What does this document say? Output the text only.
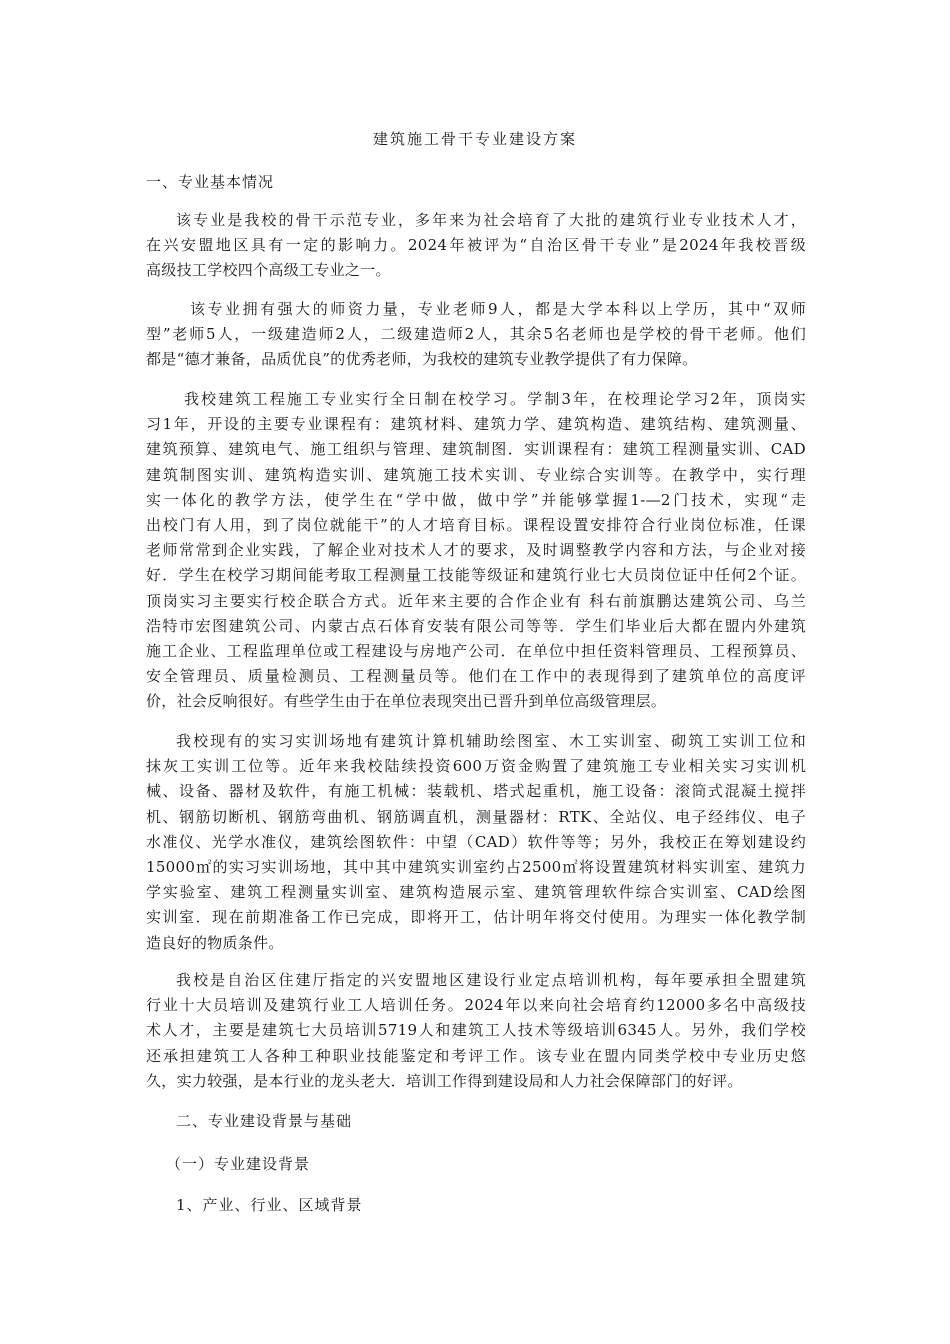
建筑施工骨干专业建设方案
一、专业基本情况
该专业是我校的骨干示范专业，多年来为社会培育了大批的建筑行业专业技术人才，
在兴安盟地区具有一定的影响力。2024年被评为“自治区骨干专业”是2024年我校晋级
高级技工学校四个高级工专业之一。
该专业拥有强大的师资力量，专业老师9人，都是大学本科以上学历，其中“双师
型”老师5人，一级建造师2人，二级建造师2人，其余5名老师也是学校的骨干老师。他们
都是“德才兼备，品质优良”的优秀老师，为我校的建筑专业教学提供了有力保障。
我校建筑工程施工专业实行全日制在校学习。学制3年，在校理论学习2年，顶岗实
习1年，开设的主要专业课程有：建筑材料、建筑力学、建筑构造、建筑结构、建筑测量、
建筑预算、建筑电气、施工组织与管理、建筑制图．实训课程有：建筑工程测量实训、CAD
建筑制图实训、建筑构造实训、建筑施工技术实训、专业综合实训等。在教学中，实行理
实一体化的教学方法，使学生在“学中做，做中学”并能够掌握1-—2门技术，实现“走
出校门有人用，到了岗位就能干”的人才培育目标。课程设置安排符合行业岗位标准，任课
老师常常到企业实践，了解企业对技术人才的要求，及时调整教学内容和方法，与企业对接
好．学生在校学习期间能考取工程测量工技能等级证和建筑行业七大员岗位证中任何2个证。
顶岗实习主要实行校企联合方式。近年来主要的合作企业有 科右前旗鹏达建筑公司、乌兰
浩特市宏图建筑公司、内蒙古点石体育安装有限公司等等．学生们毕业后大都在盟内外建筑
施工企业、工程监理单位或工程建设与房地产公司．在单位中担任资料管理员、工程预算员、
安全管理员、质量检测员、工程测量员等。他们在工作中的表现得到了建筑单位的高度评
价，社会反响很好。有些学生由于在单位表现突出已晋升到单位高级管理层。
我校现有的实习实训场地有建筑计算机辅助绘图室、木工实训室、砌筑工实训工位和
抹灰工实训工位等。近年来我校陆续投资600万资金购置了建筑施工专业相关实习实训机
械、设备、器材及软件，有施工机械：装载机、塔式起重机，施工设备：滚筒式混凝土搅拌
机、钢筋切断机、钢筋弯曲机、钢筋调直机，测量器材：RTK、全站仪、电子经纬仪、电子
水准仪、光学水准仪，建筑绘图软件：中望（CAD）软件等等；另外，我校正在筹划建设约
15000㎡的实习实训场地，其中其中建筑实训室约占2500㎡将设置建筑材料实训室、建筑力
学实验室、建筑工程测量实训室、建筑构造展示室、建筑管理软件综合实训室、CAD绘图
实训室．现在前期准备工作已完成，即将开工，估计明年将交付使用。为理实一体化教学制
造良好的物质条件。
我校是自治区住建厅指定的兴安盟地区建设行业定点培训机构，每年要承担全盟建筑
行业十大员培训及建筑行业工人培训任务。2024年以来向社会培育约12000多名中高级技
术人才，主要是建筑七大员培训5719人和建筑工人技术等级培训6345人。另外，我们学校
还承担建筑工人各种工种职业技能鉴定和考评工作。该专业在盟内同类学校中专业历史悠
久，实力较强，是本行业的龙头老大．培训工作得到建设局和人力社会保障部门的好评。
二、专业建设背景与基础
（一）专业建设背景
1、产业、行业、区域背景
